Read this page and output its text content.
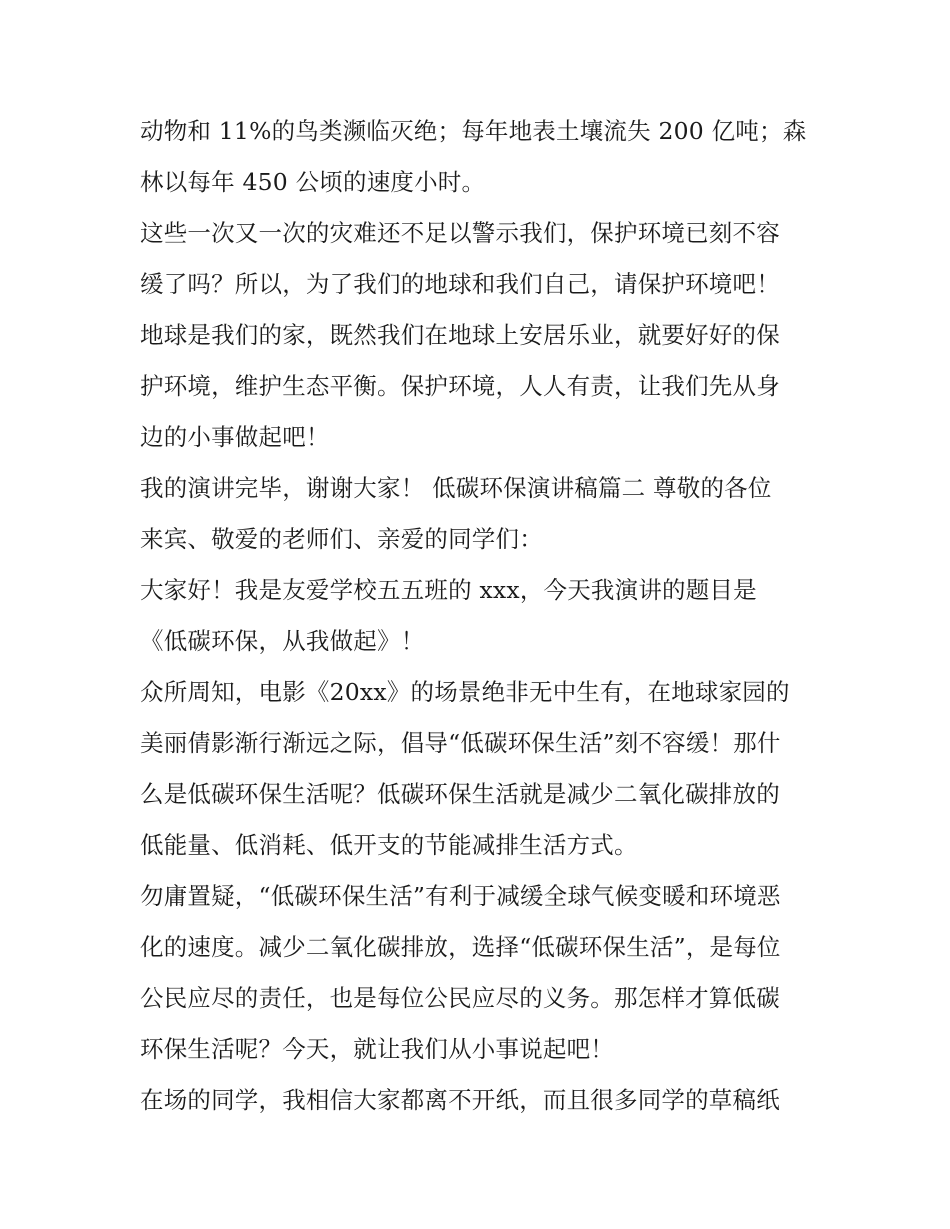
动物和 11%的鸟类濒临灭绝；每年地表土壤流失 200 亿吨；森
林以每年 450 公顷的速度小时。
这些一次又一次的灾难还不足以警示我们，保护环境已刻不容
缓了吗？所以，为了我们的地球和我们自己，请保护环境吧！
地球是我们的家，既然我们在地球上安居乐业，就要好好的保
护环境，维护生态平衡。保护环境，人人有责，让我们先从身
边的小事做起吧！
我的演讲完毕，谢谢大家！ 低碳环保演讲稿篇二 尊敬的各位
来宾、敬爱的老师们、亲爱的同学们：
大家好！我是友爱学校五五班的 xxx，今天我演讲的题目是
《低碳环保，从我做起》！
众所周知，电影《20xx》的场景绝非无中生有，在地球家园的
美丽倩影渐行渐远之际，倡导“低碳环保生活”刻不容缓！那什
么是低碳环保生活呢？低碳环保生活就是减少二氧化碳排放的
低能量、低消耗、低开支的节能减排生活方式。
勿庸置疑，“低碳环保生活”有利于减缓全球气候变暖和环境恶
化的速度。减少二氧化碳排放，选择“低碳环保生活”，是每位
公民应尽的责任，也是每位公民应尽的义务。那怎样才算低碳
环保生活呢？今天，就让我们从小事说起吧！
在场的同学，我相信大家都离不开纸，而且很多同学的草稿纸
